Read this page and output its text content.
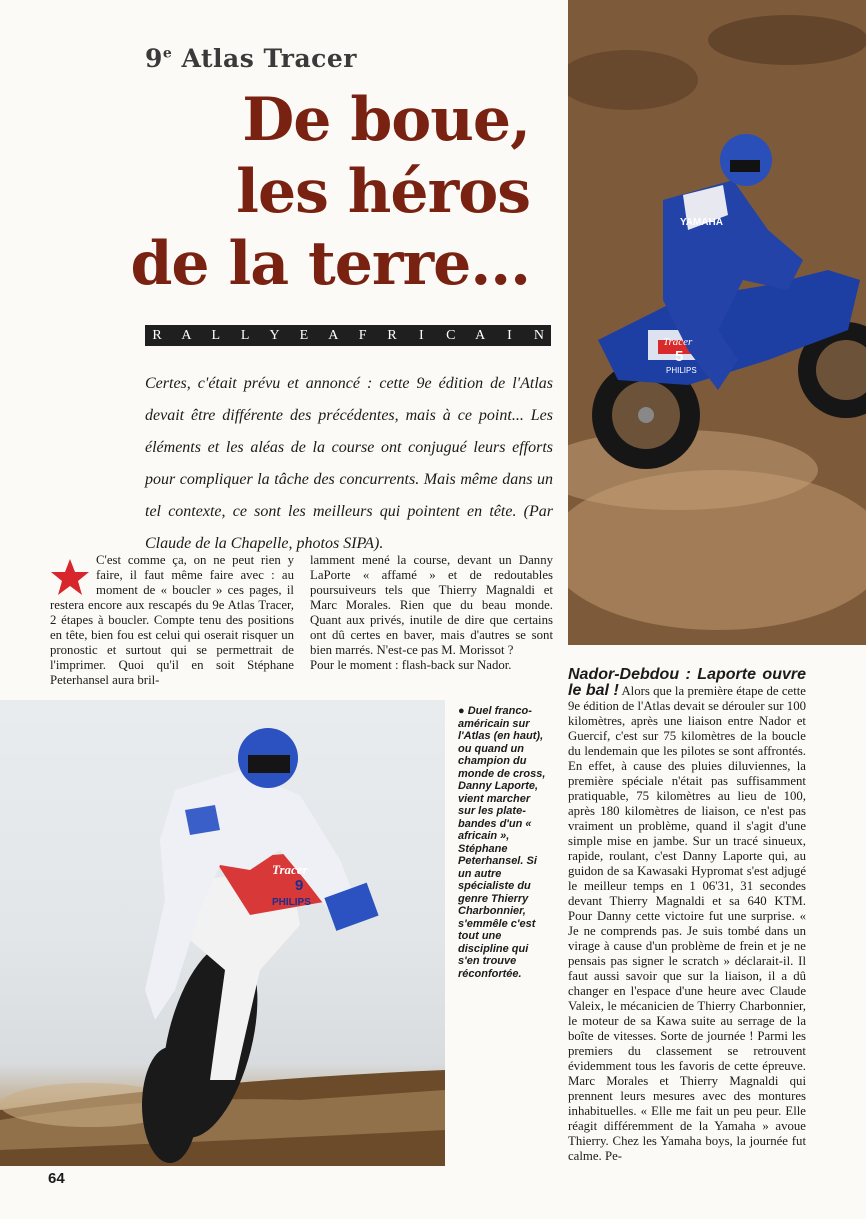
YAMAHA
Tracer
5
PHILIPS
Tracer
9
PHILIPS
9e Atlas Tracer
De boue,
les héros
de la terre...
R A L L Y E A F R I C A I N

Certes, c'était prévu et annoncé : cette 9e édition de l'Atlas devait être différente des précédentes, mais à ce point... Les éléments et les aléas de la course ont conjugué leurs efforts pour compliquer la tâche des concurrents. Mais même dans un tel contexte, ce sont les meilleurs qui pointent en tête. (Par Claude de la Chapelle, photos SIPA).

C'est comme ça, on ne peut rien y faire, il faut même faire avec : au moment de « boucler » ces pages, il restera encore aux rescapés du 9e Atlas Tracer, 2 étapes à boucler. Compte tenu des positions en tête, bien fou est celui qui oserait risquer un pronostic et surtout qui se permettrait de l'imprimer. Quoi qu'il en soit Stéphane Peterhansel aura bril-

lamment mené la course, devant un Danny LaPorte « affamé » et de redoutables poursuiveurs tels que Thierry Magnaldi et Marc Morales. Rien que du beau monde. Quant aux privés, inutile de dire que certains ont dû certes en baver, mais d'autres se sont bien marrés. N'est-ce pas M. Morissot ?

Pour le moment : flash-back sur Nador.

● Duel franco-américain sur l'Atlas (en haut), ou quand un champion du monde de cross, Danny Laporte, vient marcher sur les plate-bandes d'un « africain », Stéphane Peterhansel. Si un autre spécialiste du genre Thierry Charbonnier, s'emmêle c'est tout une discipline qui s'en trouve réconfortée.

Nador-Debdou : Laporte ouvre le bal ! Alors que la première étape de cette 9e édition de l'Atlas devait se dérouler sur 100 kilomètres, après une liaison entre Nador et Guercif, c'est sur 75 kilomètres de la boucle du lendemain que les pilotes se sont affrontés. En effet, à cause des pluies diluviennes, la première spéciale n'était pas suffisamment pratiquable, 75 kilomètres au lieu de 100, après 180 kilomètres de liaison, ce n'est pas vraiment un problème, quand il s'agit d'une simple mise en jambe. Sur un tracé sinueux, rapide, roulant, c'est Danny Laporte qui, au guidon de sa Kawasaki Hypromat s'est adjugé le meilleur temps en 1 06'31, 31 secondes devant Thierry Magnaldi et sa 640 KTM. Pour Danny cette victoire fut une surprise. « Je ne comprends pas. Je suis tombé dans un virage à cause d'un problème de frein et je ne pensais pas signer le scratch » déclarait-il. Il faut aussi savoir que sur la liaison, il a dû changer en l'espace d'une heure avec Claude Valeix, le mécanicien de Thierry Charbonnier, le moteur de sa Kawa suite au serrage de la boîte de vitesses. Sorte de journée ! Parmi les premiers du classement se retrouvent évidemment tous les favoris de cette épreuve. Marc Morales et Thierry Magnaldi qui prennent leurs mesures avec des montures inhabituelles. « Elle me fait un peu peur. Elle réagit différemment de la Yamaha » avoue Thierry. Chez les Yamaha boys, la journée fut calme. Pe-

64
